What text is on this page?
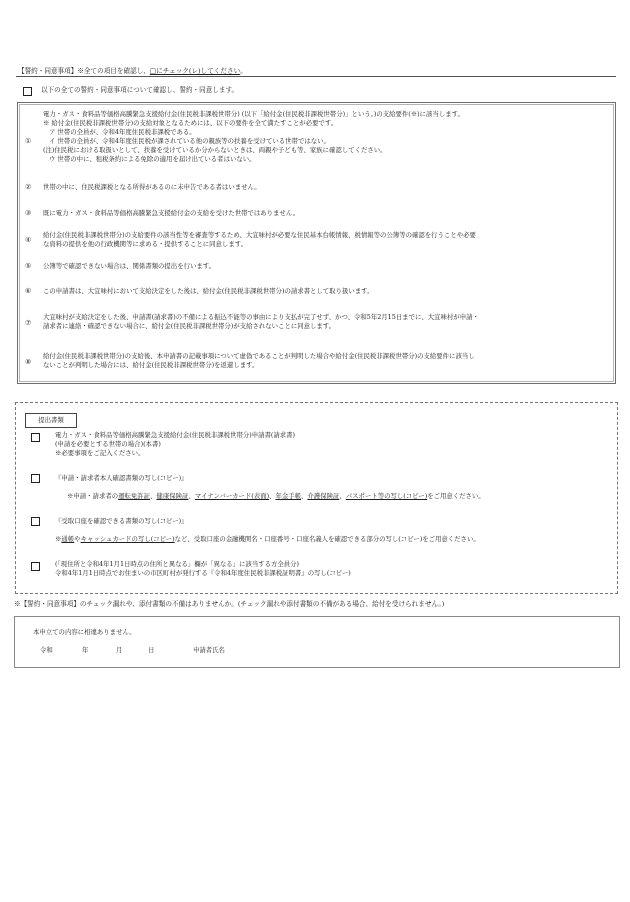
【誓約・同意事項】※全ての項目を確認し、□にチェック(レ)してください。
以下の全ての誓約・同意事項について確認し、誓約・同意します。
①
電力・ガス・食料品等価格高騰緊急支援給付金(住民税非課税世帯分) (以下「給付金(住民税非課税世帯分)」という。)の支給要件(※)に該当します。
※ 給付金(住民税非課税世帯分)の支給対象となるためには、以下の要件を全て満たすことが必要です。
ア 世帯の全員が、令和4年度住民税非課税である。
イ 世帯の全員が、令和4年度住民税が課されている他の親族等の扶養を受けている世帯ではない。
(注)住民税における取扱いとして、扶養を受けているか分からないときは、両親や子ども等、家族に確認してください。
ウ 世帯の中に、租税条約による免除の適用を届け出ている者はいない。
② 世帯の中に、住民税課税となる所得があるのに未申告である者はいません。
③ 既に電力・ガス・食料品等価格高騰緊急支援給付金の支給を受けた世帯ではありません。
④
給付金(住民税非課税世帯分)の支給要件の該当性等を審査等するため、大宜味村が必要な住民基本台帳情報、税情報等の公簿等の確認を行うことや必要
な資料の提供を他の行政機関等に求める・提供することに同意します。
⑤ 公簿等で確認できない場合は、関係書類の提出を行います。
⑥ この申請書は、大宜味村において支給決定をした後は、給付金(住民税非課税世帯分)の請求書として取り扱います。
⑦
大宜味村が支給決定をした後、申請書(請求書)の不備による振込不能等の事由により支払が完了せず、かつ、令和5年2月15日までに、大宜味村が申請・
請求者に連絡・確認できない場合に、給付金(住民税非課税世帯分)が支給されないことに同意します。
⑧
給付金(住民税非課税世帯分)の支給後、本申請書の記載事項について虚偽であることが判明した場合や給付金(住民税非課税世帯分)の支給要件に該当し
ないことが判明した場合には、給付金(住民税非課税世帯分)を返還します。
提出書類
電力・ガス・食料品等価格高騰緊急支援給付金(住民税非課税世帯分)申請書(請求書)
(申請を必要とする世帯の場合)(本書)
※必要事項をご記入ください。
『申請・請求者本人確認書類の写し(コピー)』
※申請・請求者の運転免許証、健康保険証、マイナンバーカード(表面)、年金手帳、介護保険証、パスポート等の写し(コピー)をご用意ください。
『受取口座を確認できる書類の写し(コピー)』
※通帳やキャッシュカードの写し(コピー)など、受取口座の金融機関名・口座番号・口座名義人を確認できる部分の写し(コピー)をご用意ください。
(「現住所と令和4年1月1日時点の住所と異なる」欄が「異なる」に該当する方全員分)
令和4年1月1日時点でお住まいの市区町村が発行する『令和4年度住民税非課税証明書』の写し(コピー)
※【誓約・同意事項】のチェック漏れや、添付書類の不備はありませんか。(チェック漏れや添付書類の不備がある場合、給付を受けられません。)
本申立ての内容に相違ありません。
令和	年	月	日	申請者氏名
